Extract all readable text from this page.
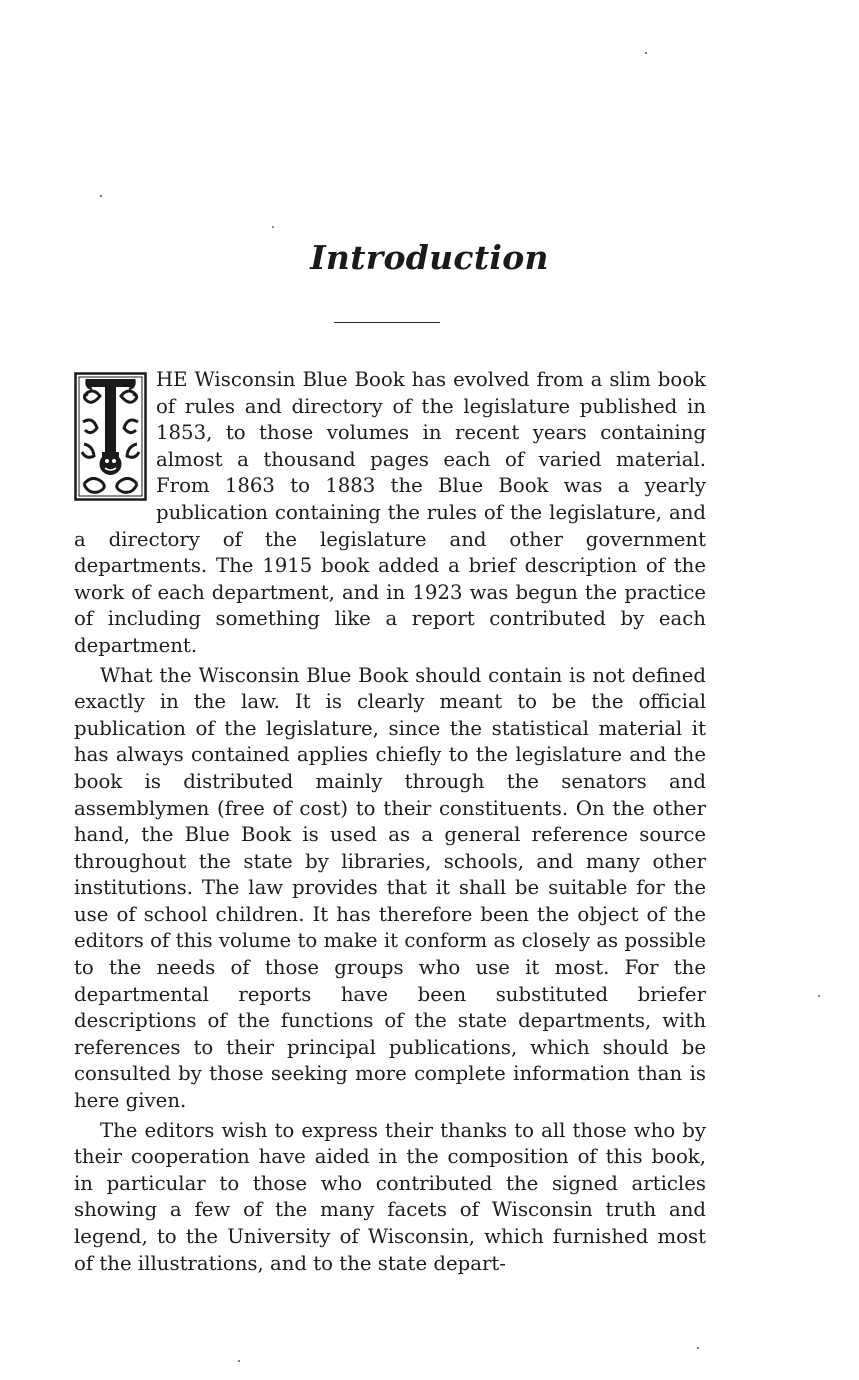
Introduction

HE Wisconsin Blue Book has evolved from a slim book of rules and directory of the legislature published in 1853, to those volumes in recent years containing almost a thousand pages each of varied material. From 1863 to 1883 the Blue Book was a yearly publication containing the rules of the legislature, and a directory of the legislature and other government departments. The 1915 book added a brief description of the work of each department, and in 1923 was begun the practice of including something like a report contributed by each department.

What the Wisconsin Blue Book should contain is not defined exactly in the law. It is clearly meant to be the official publication of the legislature, since the statistical material it has always contained applies chiefly to the legislature and the book is distributed mainly through the senators and assemblymen (free of cost) to their constituents. On the other hand, the Blue Book is used as a general reference source throughout the state by libraries, schools, and many other institutions. The law provides that it shall be suitable for the use of school children. It has therefore been the object of the editors of this volume to make it conform as closely as possible to the needs of those groups who use it most. For the departmental reports have been substituted briefer descriptions of the functions of the state departments, with references to their principal publications, which should be consulted by those seeking more complete information than is here given.

The editors wish to express their thanks to all those who by their cooperation have aided in the composition of this book, in particular to those who contributed the signed articles showing a few of the many facets of Wisconsin truth and legend, to the University of Wisconsin, which furnished most of the illustrations, and to the state depart-
